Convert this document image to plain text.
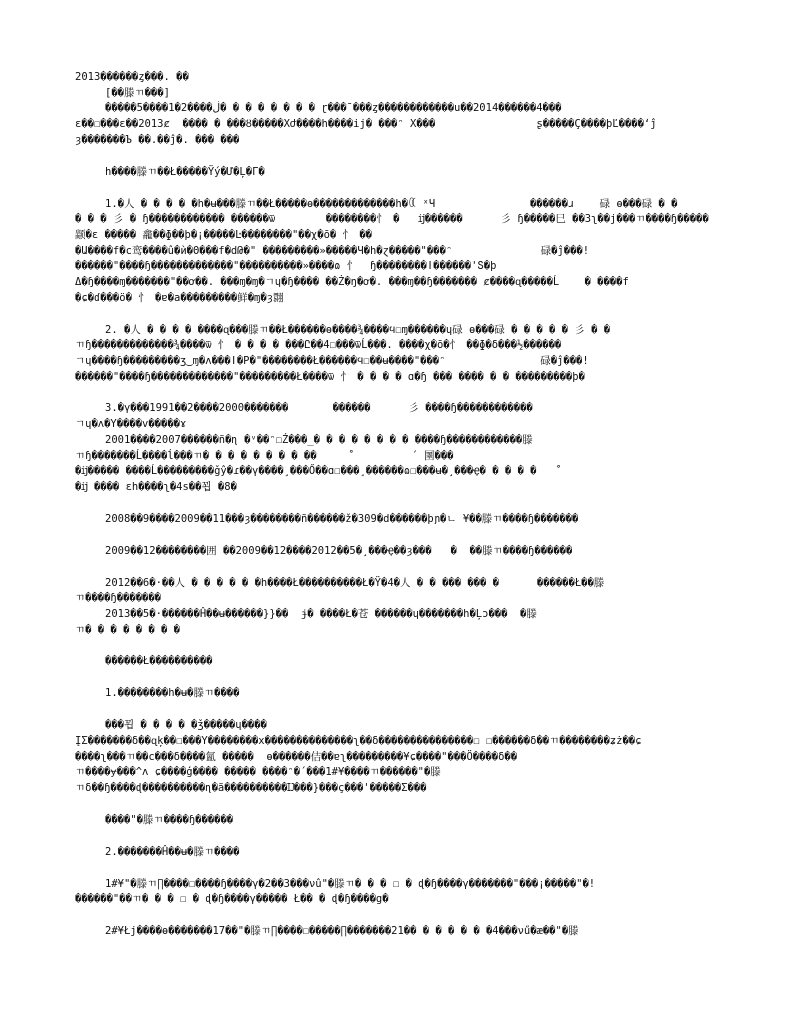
2013������ȥ���. ��
[��滕ㄲ���]
�����5����ڶ����2�1� � � � � � � � ɽ���ˉ���ȥ������������u��2014������4���
ɛ��☐���ɛ��2013ȼ  ���� � ���ȣ�����Xժ����h����ij� ���ᵔ X���                ʂ�����Ç����þĽ����ʻĵ
ȝ�������Ъ ��.��ĵ�. ��� ���
h����滕ㄲ��Ł�����Ÿý�Ư�Ļ�Γ�
1.�人 � � � � �h�ʉ���滕ㄲ��Ł�����ɵ�������������h�ꏉ ˣЧ               ������ɹ    碌 ɵ���碌 � �
� � � 彡 � ɧ������������ ������ѿ        ��������忄 �   ĳ������      彡 ɧ�����巳 ��3ʅ��j���ㄲ����ɧ�����
颛�ɛ ����� 龕��ɸ��þ�¡�����Ŀ��������"��χ�ō� 忄 ��
�Ա����f�c鸾����û�ѝ�Θ���f�dԹ�" ���������»�����Ч�h�ɀ�����"���ᵔ              碌�ĵ���!
������"����ɧ�������������"����������»����ɷ 忄  ɧ��������ǀ������'Տ�þ
Δ�ɧ����ɱ�������"��ơ��. ���ɱ�ɱ�ㄱɥ�ɧ���� ��Ż�ŋ�ơ�. ���ɱ��ɧ������� ȼ����ɋ�����Ĺ    � ����f
�ɕ�ɗ���ö� 忄 �ɐ�a���������鲜�ɱ�ȝ翾
2. �人 � � � � ����ɋ���滕ㄲ��Ł������ɵ����¾����ϥ☐ɱ������ɥ碌 ɵ���碌 � � � � � 彡 � �
ㄲɧ�������������¾����ѿ 忄 � � � � ���Ը��4☐���ѿĹ���. ����χ�ō�忄 ��ɸ�δ���½������
ㄱɥ����ɧ���������ʒ‿ɱ�ʌ���ǀ�P�"��������Ł������Ϥ☐��ʉ����"���ᵔ               碌�ĵ���!
������"����ɧ�������������"���������Ł����ѿ 忄 � � � � ɑ�ɧ ��� ���� � � ���������þ�
3.�ү���1991��2����2000�������       ������      彡 ����ɧ������������
ㄱɥ�ʌ�Y����v�����ɤ
2001����2007������ñ�ɳ �ᵛ��ᵔ☐Ź���_� � � � � � � � ����ɧ������������滕
ㄲɧ�������Ĺ����ĺ���ㄲ� � � � � � � � ��     ˚         ´ 圛���
�ĳ����� ����Ĺ���������ǧŷ�ɾ��ү����¸���Ő��ɑ☐���¸������ɷ☐���ʉ�¸���Ҿ� � � � �   ˚
�ĳ ���� ɛh����ʅ�4s��꾑 �8�
2008��9����2009��11���ȝ��������ñ������ž�309�d������þɲ�ㄴ ¥��滕ㄲ����ɧ�������
2009��12��������囲 ��2009��12����2012��5�¸���Ҿ��ȝ���   �  ��滕ㄲ����ɧ������
2012��6�·��人 � � � � � �h����Ł����������Ł�Ÿ�4�人 � � ��� ��� �      ������Ł��滕
ㄲ����ɧ�������
2013��5�·������Ĥ��ʉ������}}��  ɉ� ����Ł�苍 ������ɥ�������h�Ļɔ���  �滕
ㄲ� � � � � � � �
������Ł����������
1.��������h�ʉ�滕ㄲ����
���꾑 � � � � �ǯ�����ɥ����
ĮΣ�������δ��ɋķ��☐���Y��������x��������������ʅ��δ���������������☐ ☐������δ��ㄲ��������ʑż��ɕ
����ʅ���ㄲ��c���δ����氳 �����  ɵ������佶��ɐʅ���������¥ɕ����"���Ӧ����δ��
ㄲ����ɏ���^ʌ ɕ����ģ���� ����� ����ᵔ�´���1#¥����ㄲ������"�滕
ㄲδ��ɧ����ɖ����������ɳ�ã����������Ĳ���}���ç���'�����Σ���
����"�滕ㄲ����ɧ������
2.�������Ĥ��ʉ�滕ㄲ����
1#¥"�滕ㄲ∏����☐����ɧ����γ�2��3���νû"�滕ㄲ� � � ☐ � ɖ�ɧ����γ�������"���¡�����"�!
������"��ㄲ� � � ☐ � ɖ�ɧ����γ����� Ł�� � ɖ�ɧ����g�
2#¥Łj����ɵ�������17��"�滕ㄲ∏����☐�����∏�������21�� � � � � � �4���νű�æ��"�滕
